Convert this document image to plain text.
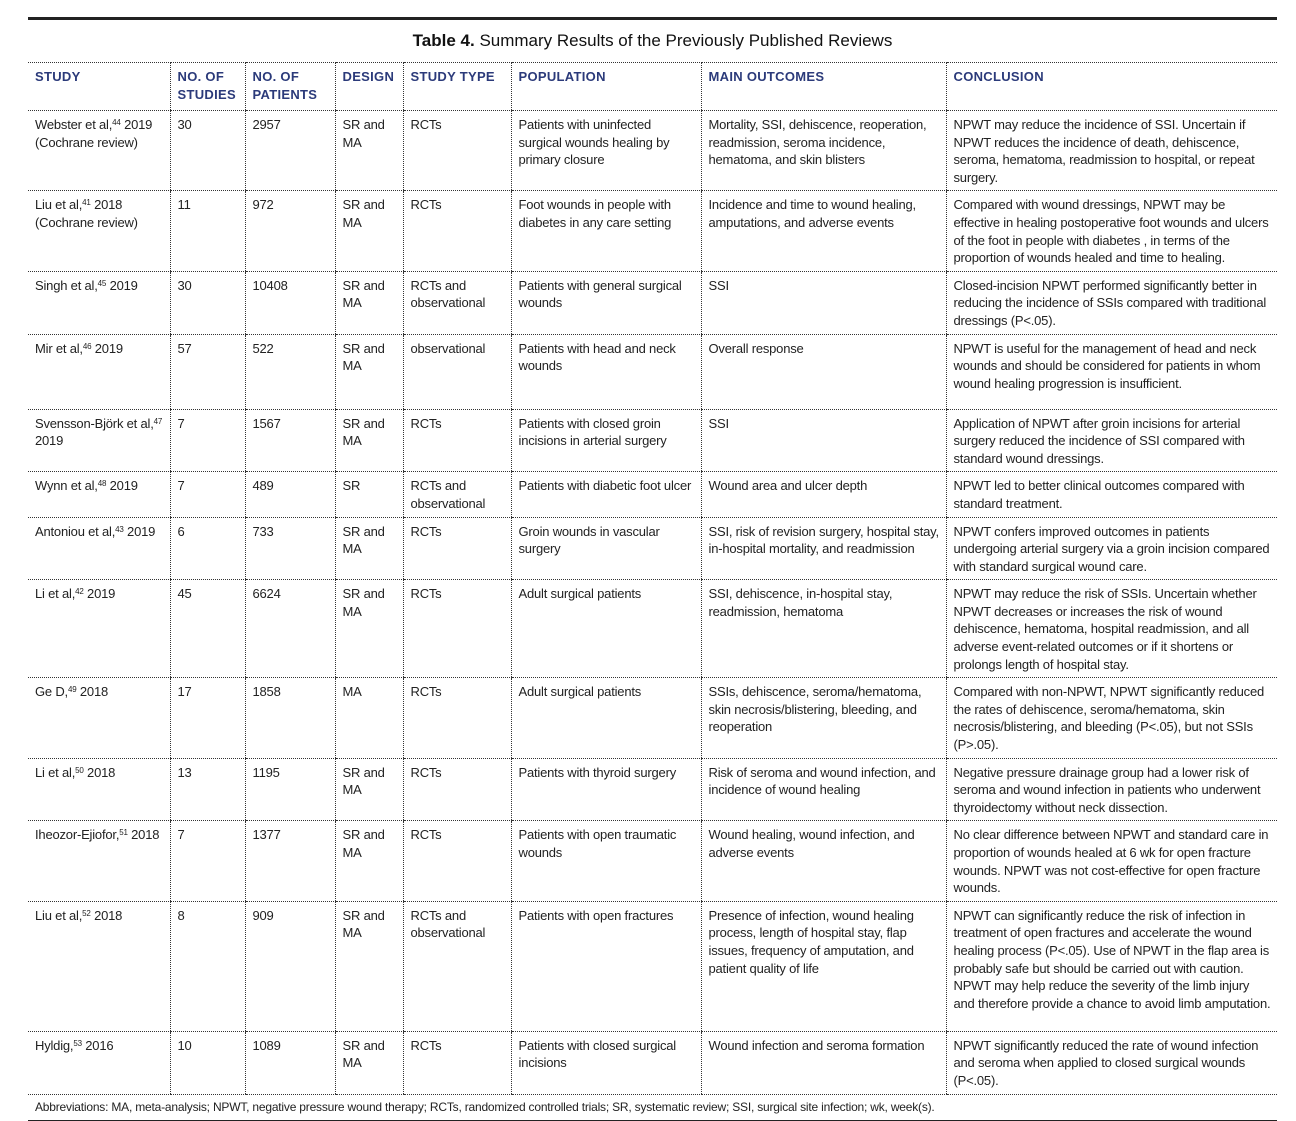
Table 4. Summary Results of the Previously Published Reviews
STUDY	NO. OF STUDIES	NO. OF PATIENTS	DESIGN	STUDY TYPE	POPULATION	MAIN OUTCOMES	CONCLUSION
Webster et al,$^{44}$ 2019 (Cochrane review)	30	2957	SR and MA	RCTs	Patients with uninfected surgical wounds healing by primary closure	Mortality, SSI, dehiscence, reoperation, readmission, seroma incidence, hematoma, and skin blisters	NPWT may reduce the incidence of SSI. Uncertain if NPWT reduces the incidence of death, dehiscence, seroma, hematoma, readmission to hospital, or repeat surgery.
Liu et al,$^{41}$ 2018 (Cochrane review)	11	972	SR and MA	RCTs	Foot wounds in people with diabetes in any care setting	Incidence and time to wound healing, amputations, and adverse events	Compared with wound dressings, NPWT may be effective in healing postoperative foot wounds and ulcers of the foot in people with diabetes , in terms of the proportion of wounds healed and time to healing.
Singh et al,$^{45}$ 2019	30	10408	SR and MA	RCTs and observational	Patients with general surgical wounds	SSI	Closed-incision NPWT performed significantly better in reducing the incidence of SSIs compared with traditional dressings (P<.05).
Mir et al,$^{46}$ 2019	57	522	SR and MA	observational	Patients with head and neck wounds	Overall response	NPWT is useful for the management of head and neck wounds and should be considered for patients in whom wound healing progression is insufficient.
Svensson-Björk et al,$^{47}$ 2019	7	1567	SR and MA	RCTs	Patients with closed groin incisions in arterial surgery	SSI	Application of NPWT after groin incisions for arterial surgery reduced the incidence of SSI compared with standard wound dressings.
Wynn et al,$^{48}$ 2019	7	489	SR	RCTs and observational	Patients with diabetic foot ulcer	Wound area and ulcer depth	NPWT led to better clinical outcomes compared with standard treatment.
Antoniou et al,$^{43}$ 2019	6	733	SR and MA	RCTs	Groin wounds in vascular surgery	SSI, risk of revision surgery, hospital stay, in-hospital mortality, and readmission	NPWT confers improved outcomes in patients undergoing arterial surgery via a groin incision compared with standard surgical wound care.
Li et al,$^{42}$ 2019	45	6624	SR and MA	RCTs	Adult surgical patients	SSI, dehiscence, in-hospital stay, readmission, hematoma	NPWT may reduce the risk of SSIs. Uncertain whether NPWT decreases or increases the risk of wound dehiscence, hematoma, hospital readmission, and all adverse event-related outcomes or if it shortens or prolongs length of hospital stay.
Ge D,$^{49}$ 2018	17	1858	MA	RCTs	Adult surgical patients	SSIs, dehiscence, seroma/hematoma, skin necrosis/blistering, bleeding, and reoperation	Compared with non-NPWT, NPWT significantly reduced the rates of dehiscence, seroma/hematoma, skin necrosis/blistering, and bleeding (P<.05), but not SSIs (P>.05).
Li et al,$^{50}$ 2018	13	1195	SR and MA	RCTs	Patients with thyroid surgery	Risk of seroma and wound infection, and incidence of wound healing	Negative pressure drainage group had a lower risk of seroma and wound infection in patients who underwent thyroidectomy without neck dissection.
Iheozor-Ejiofor,$^{51}$ 2018	7	1377	SR and MA	RCTs	Patients with open traumatic wounds	Wound healing, wound infection, and adverse events	No clear difference between NPWT and standard care in proportion of wounds healed at 6 wk for open fracture wounds. NPWT was not cost-effective for open fracture wounds.
Liu et al,$^{52}$ 2018	8	909	SR and MA	RCTs and observational	Patients with open fractures	Presence of infection, wound healing process, length of hospital stay, flap issues, frequency of amputation, and patient quality of life	NPWT can significantly reduce the risk of infection in treatment of open fractures and accelerate the wound healing process (P<.05). Use of NPWT in the flap area is probably safe but should be carried out with caution. NPWT may help reduce the severity of the limb injury and therefore provide a chance to avoid limb amputation.
Hyldig,$^{53}$ 2016	10	1089	SR and MA	RCTs	Patients with closed surgical incisions	Wound infection and seroma formation	NPWT significantly reduced the rate of wound infection and seroma when applied to closed surgical wounds (P<.05).
Abbreviations: MA, meta-analysis; NPWT, negative pressure wound therapy; RCTs, randomized controlled trials; SR, systematic review; SSI, surgical site infection; wk, week(s).							
